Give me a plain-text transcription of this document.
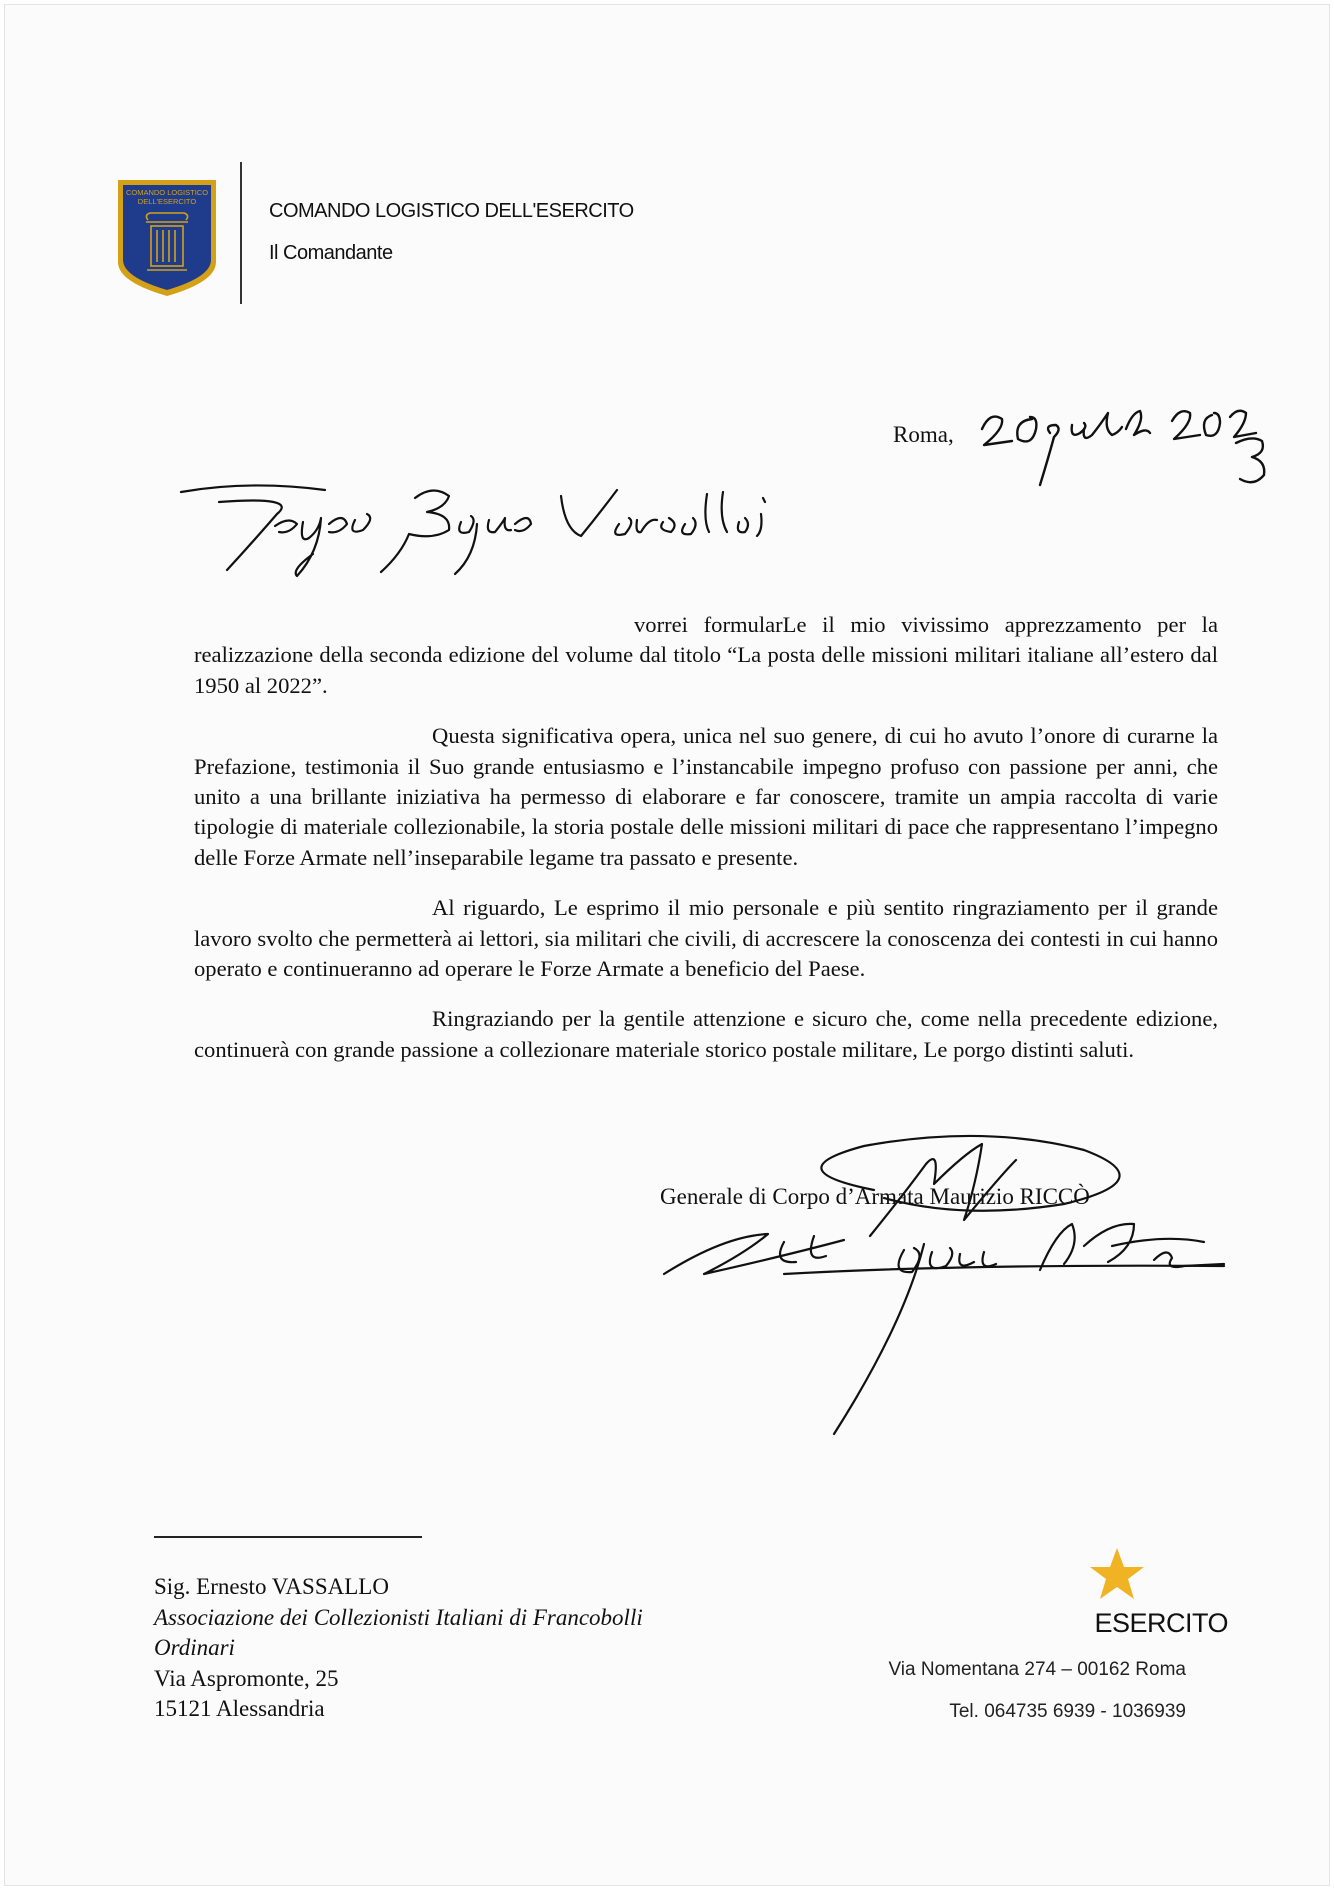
COMANDO LOGISTICO
DELL'ESERCITO	COMANDO LOGISTICO DELL'ESERCITO
Il Comandante
Roma,

vorrei formularLe il mio vivissimo apprezzamento per la realizzazione della seconda edizione del volume dal titolo “La posta delle missioni militari italiane all’estero dal 1950 al 2022”.

Questa significativa opera, unica nel suo genere, di cui ho avuto l’onore di curarne la Prefazione, testimonia il Suo grande entusiasmo e l’instancabile impegno profuso con passione per anni, che unito a una brillante iniziativa ha permesso di elaborare e far conoscere, tramite un ampia raccolta di varie tipologie di materiale collezionabile, la storia postale delle missioni militari di pace che rappresentano l’impegno delle Forze Armate nell’inseparabile legame tra passato e presente.

Al riguardo, Le esprimo il mio personale e più sentito ringraziamento per il grande lavoro svolto che permetterà ai lettori, sia militari che civili, di accrescere la conoscenza dei contesti in cui hanno operato e continueranno ad operare le Forze Armate a beneficio del Paese.

Ringraziando per la gentile attenzione e sicuro che, come nella precedente edizione, continuerà con grande passione a collezionare materiale storico postale militare, Le porgo distinti saluti.

Generale di Corpo d’Armata Maurizio RICCÒ
Sig. Ernesto VASSALLO
Associazione dei Collezionisti Italiani di Francobolli
Ordinari
Via Aspromonte, 25
15121 Alessandria
ESERCITO
Via Nomentana 274 – 00162 Roma
Tel. 064735 6939 - 1036939
